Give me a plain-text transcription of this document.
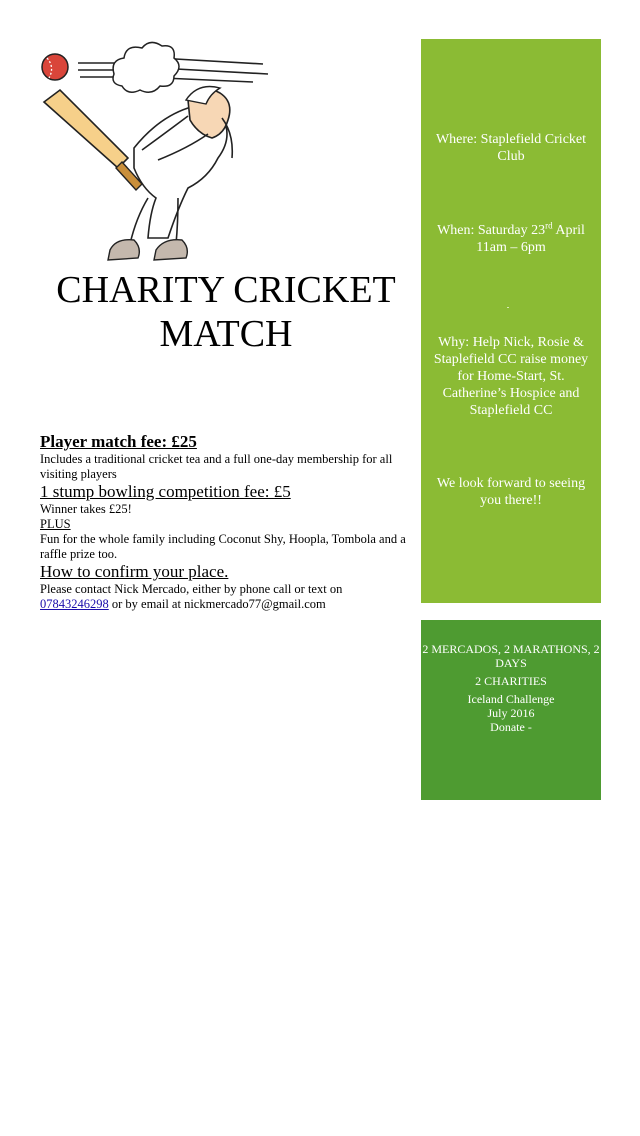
CHARITY CRICKET
MATCH
Player match fee: £25
Includes a traditional cricket tea and a full one-day membership for all visiting players
1 stump bowling competition fee: £5
Winner takes £25!
PLUS
Fun for the whole family including Coconut Shy, Hoopla, Tombola and a raffle prize too.
How to confirm your place.
Please contact Nick Mercado, either by phone call or text on
07843246298 or by email at nickmercado77@gmail.com
Where: Staplefield Cricket Club
When: Saturday 23rd April
11am – 6pm
Why: Help Nick, Rosie & Staplefield CC raise money for Home-Start, St. Catherine’s Hospice and Staplefield CC
We look forward to seeing you there!!
2 MERCADOS, 2 MARATHONS, 2 DAYS
2 CHARITIES
Iceland Challenge
July 2016
Donate -
